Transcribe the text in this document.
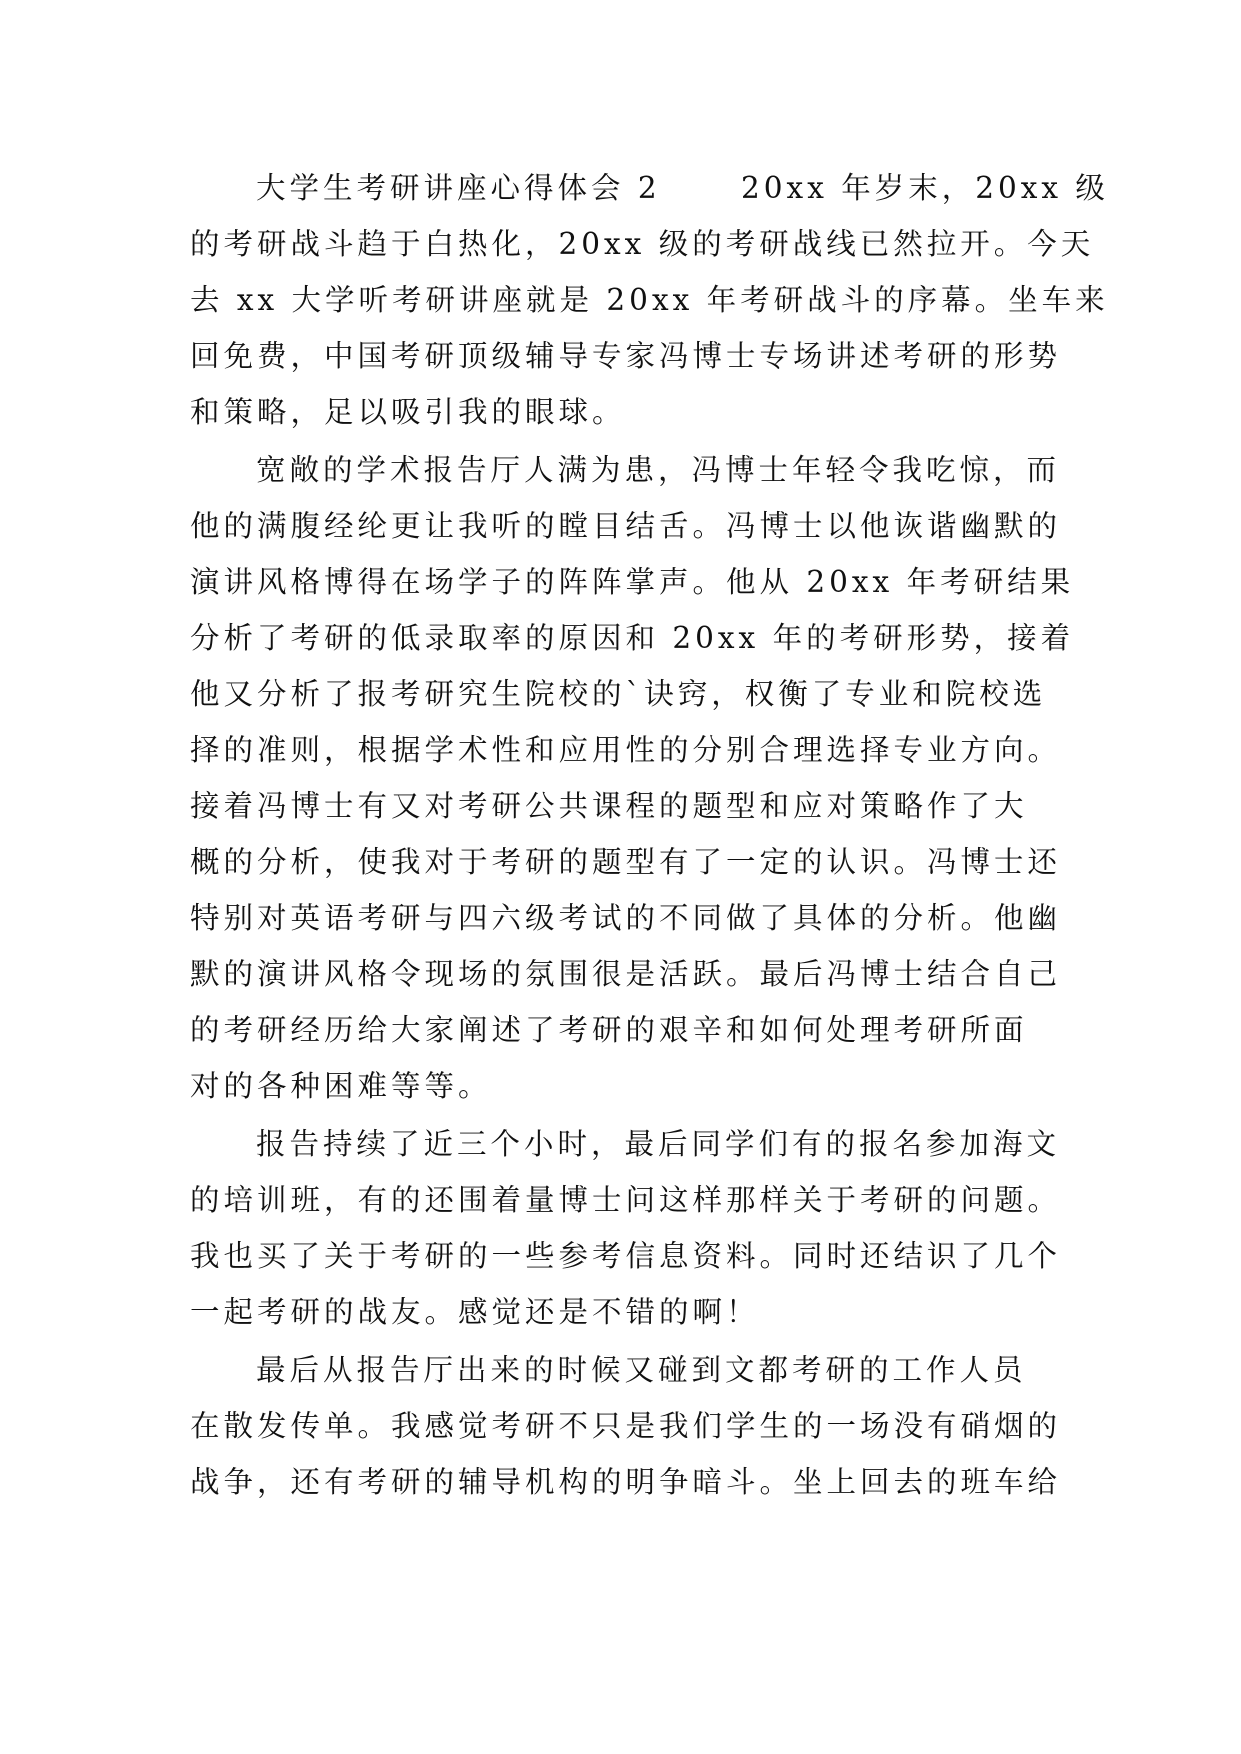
大学生考研讲座心得体会 2　　 20xx 年岁末，20xx 级
的考研战斗趋于白热化，20xx 级的考研战线已然拉开。今天
去 xx 大学听考研讲座就是 20xx 年考研战斗的序幕。坐车来
回免费，中国考研顶级辅导专家冯博士专场讲述考研的形势
和策略，足以吸引我的眼球。
宽敞的学术报告厅人满为患，冯博士年轻令我吃惊，而
他的满腹经纶更让我听的瞠目结舌。冯博士以他诙谐幽默的
演讲风格博得在场学子的阵阵掌声。他从 20xx 年考研结果
分析了考研的低录取率的原因和 20xx 年的考研形势，接着
他又分析了报考研究生院校的`诀窍，权衡了专业和院校选
择的准则，根据学术性和应用性的分别合理选择专业方向。
接着冯博士有又对考研公共课程的题型和应对策略作了大
概的分析，使我对于考研的题型有了一定的认识。冯博士还
特别对英语考研与四六级考试的不同做了具体的分析。他幽
默的演讲风格令现场的氛围很是活跃。最后冯博士结合自己
的考研经历给大家阐述了考研的艰辛和如何处理考研所面
对的各种困难等等。
报告持续了近三个小时，最后同学们有的报名参加海文
的培训班，有的还围着量博士问这样那样关于考研的问题。
我也买了关于考研的一些参考信息资料。同时还结识了几个
一起考研的战友。感觉还是不错的啊！
最后从报告厅出来的时候又碰到文都考研的工作人员
在散发传单。我感觉考研不只是我们学生的一场没有硝烟的
战争，还有考研的辅导机构的明争暗斗。坐上回去的班车给
